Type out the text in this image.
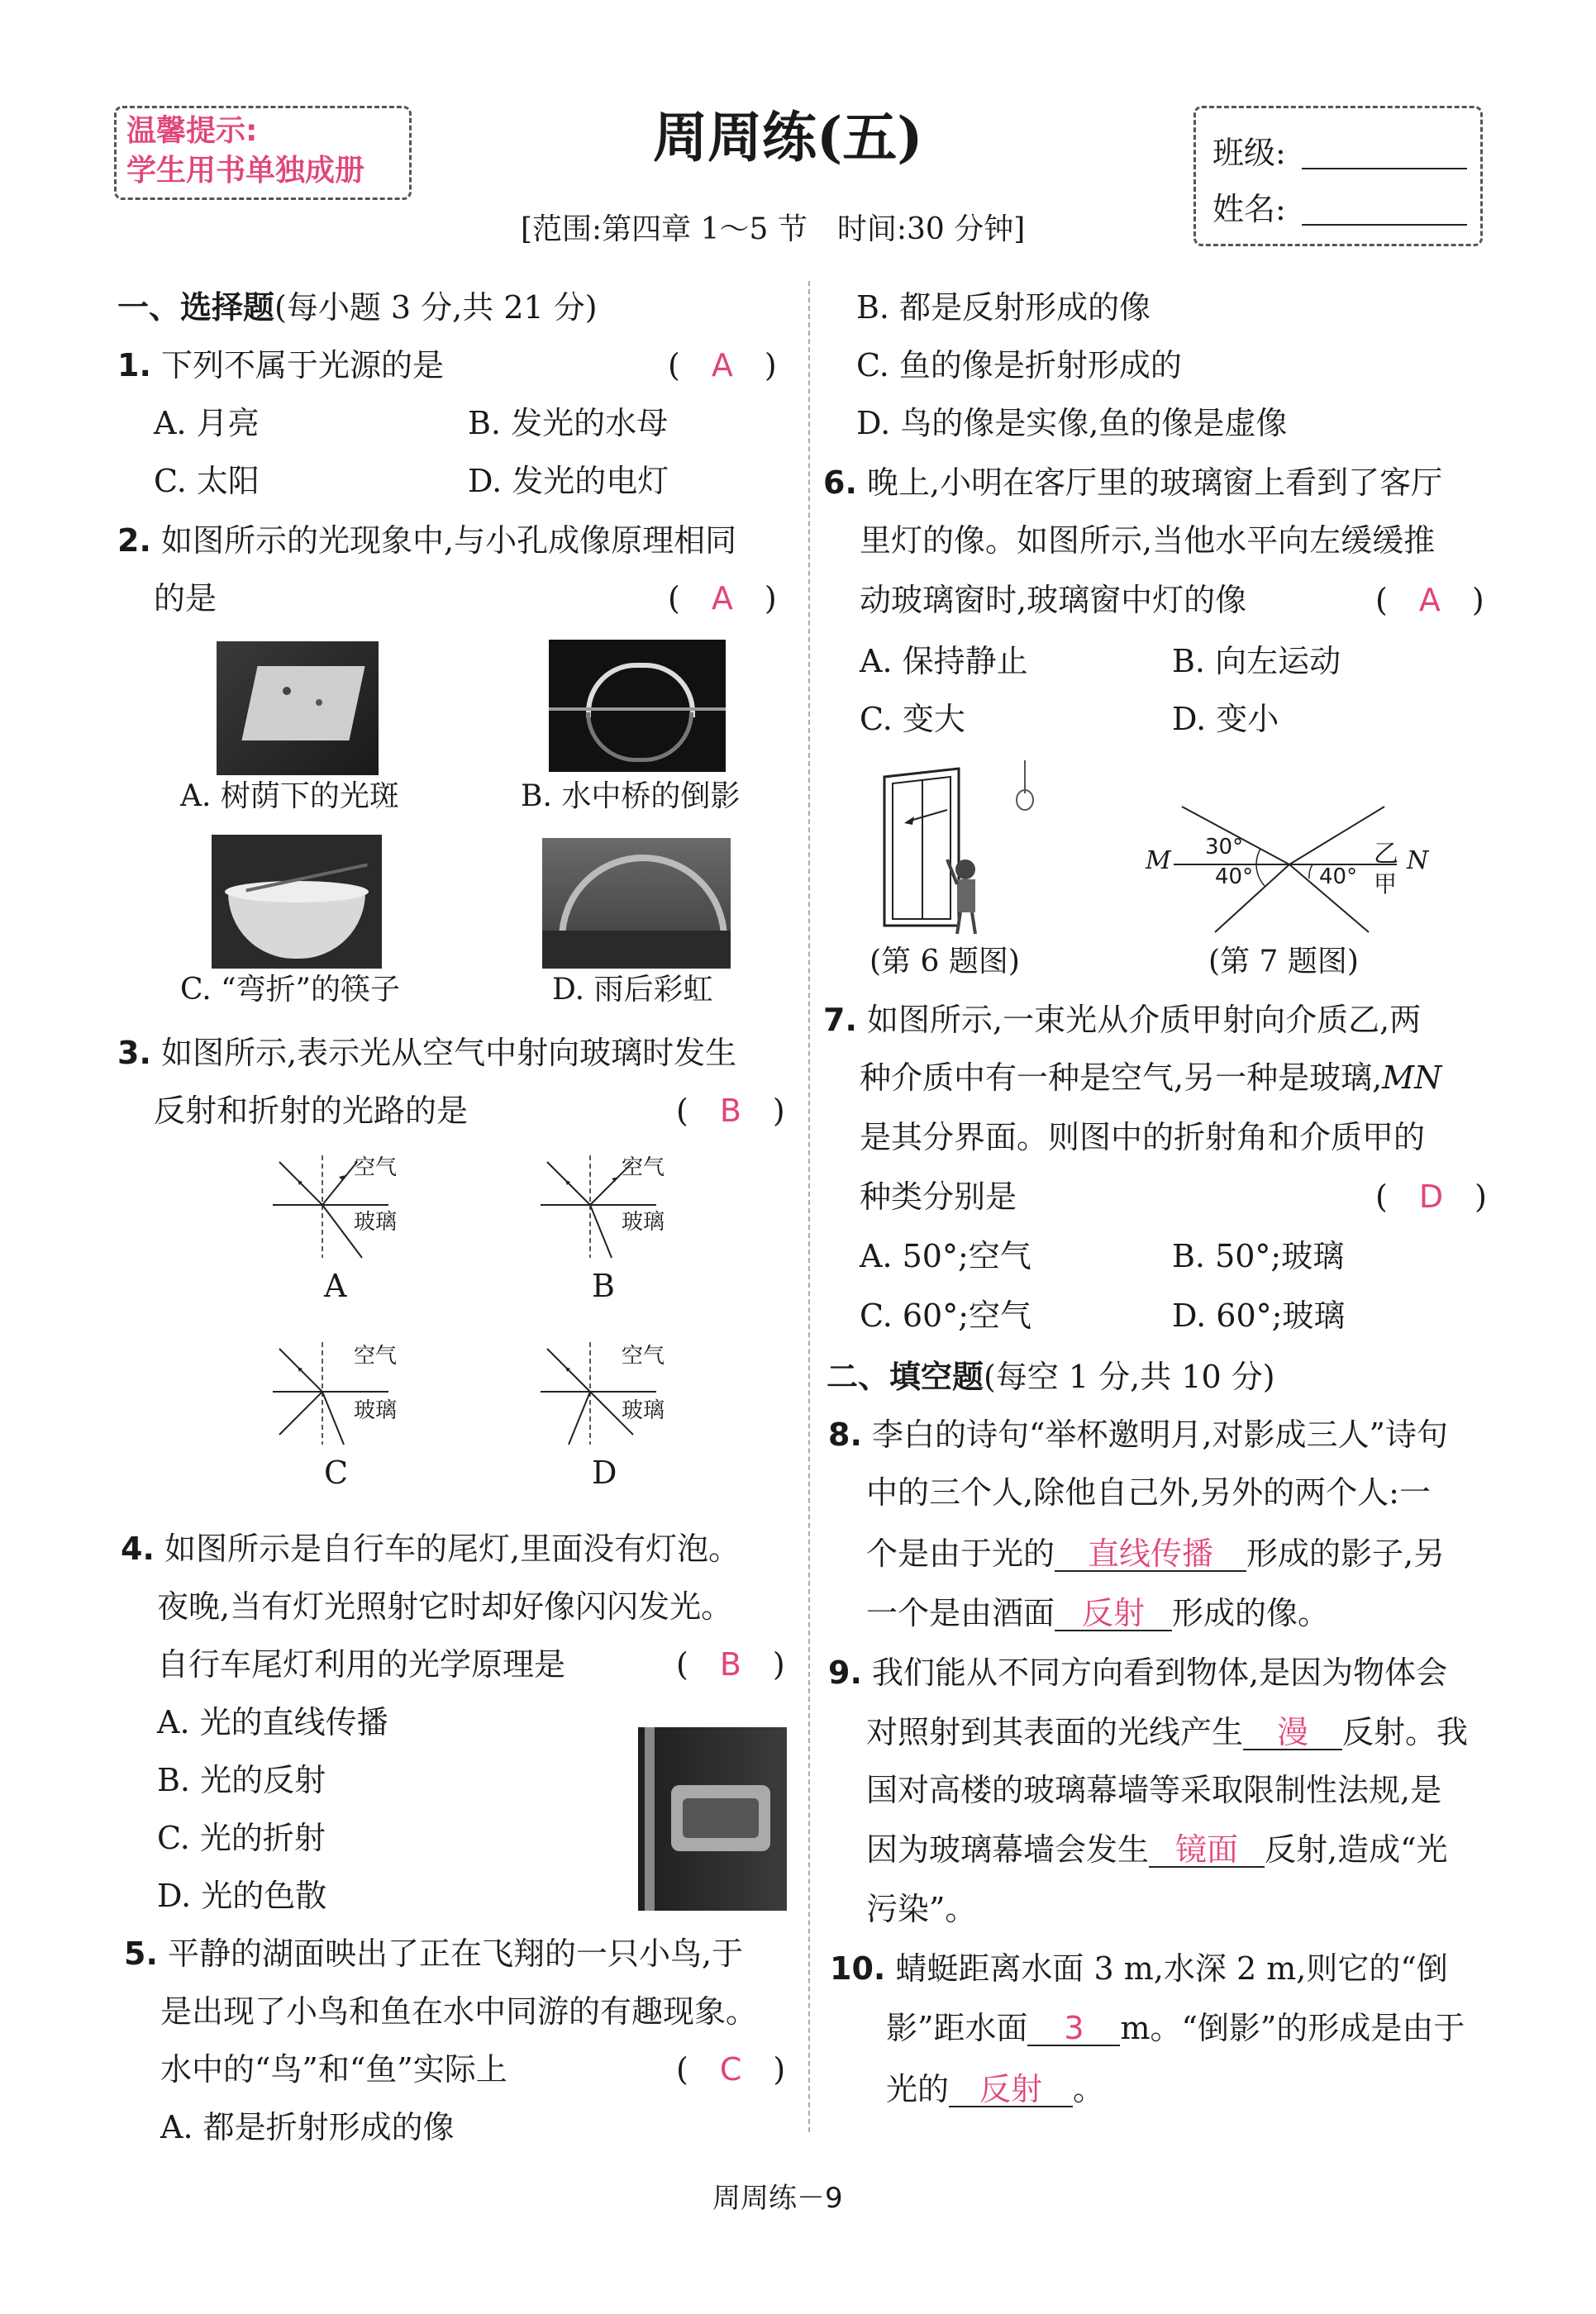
温馨提示:
学生用书单独成册
周周练(五)
[范围:第四章 1～5 节　时间:30 分钟]
班级:
姓名:
一、选择题(每小题 3 分,共 21 分)
1. 下列不属于光源的是	(　A　)
A. 月亮	B. 发光的水母
C. 太阳	D. 发光的电灯
2. 如图所示的光现象中,与小孔成像原理相同
的是	(　A　)
A. 树荫下的光斑	B. 水中桥的倒影
C. “弯折”的筷子	D. 雨后彩虹
3. 如图所示,表示光从空气中射向玻璃时发生
反射和折射的光路的是	(　B　)
空气
玻璃
A
空气
玻璃
B
空气
玻璃
C
空气
玻璃
D
4. 如图所示是自行车的尾灯,里面没有灯泡。
夜晚,当有灯光照射它时却好像闪闪发光。
自行车尾灯利用的光学原理是	(　B　)
A. 光的直线传播
B. 光的反射
C. 光的折射
D. 光的色散
5. 平静的湖面映出了正在飞翔的一只小鸟,于
是出现了小鸟和鱼在水中同游的有趣现象。
水中的“鸟”和“鱼”实际上	(　C　)
A. 都是折射形成的像
B. 都是反射形成的像
C. 鱼的像是折射形成的
D. 鸟的像是实像,鱼的像是虚像
6. 晚上,小明在客厅里的玻璃窗上看到了客厅
里灯的像。如图所示,当他水平向左缓缓推
动玻璃窗时,玻璃窗中灯的像	(　A　)
A. 保持静止	B. 向左运动
C. 变大	D. 变小
(第 6 题图)
M	N
30°
40°	40°
乙
甲
(第 7 题图)
7. 如图所示,一束光从介质甲射向介质乙,两
种介质中有一种是空气,另一种是玻璃,MN
是其分界面。则图中的折射角和介质甲的
种类分别是	(　D　)
A. 50°;空气	B. 50°;玻璃
C. 60°;空气	D. 60°;玻璃
二、填空题(每空 1 分,共 10 分)
8. 李白的诗句“举杯邀明月,对影成三人”诗句
中的三个人,除他自己外,另外的两个人:一
个是由于光的 直线传播 形成的影子,另
一个是由酒面 反射 形成的像。
9. 我们能从不同方向看到物体,是因为物体会
对照射到其表面的光线产生 漫 反射。我
国对高楼的玻璃幕墙等采取限制性法规,是
因为玻璃幕墙会发生 镜面 反射,造成“光
污染”。
10. 蜻蜓距离水面 3 m,水深 2 m,则它的“倒
影”距水面 3 m。“倒影”的形成是由于
光的 反射 。
周周练－9
